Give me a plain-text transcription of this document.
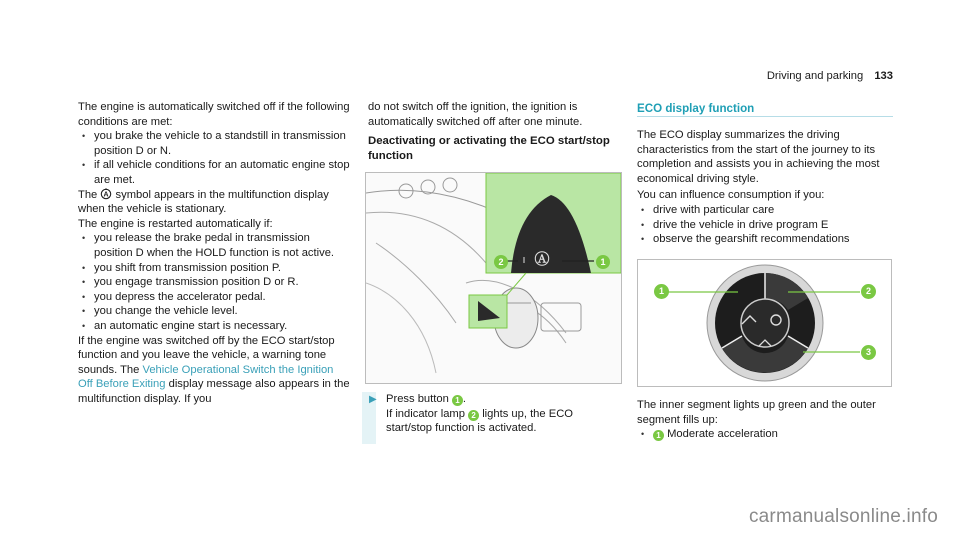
Driving and parking 133

The engine is automatically switched off if the following conditions are met:

• you brake the vehicle to a standstill in transmission position D or N.

• if all vehicle conditions for an automatic engine stop are met.

The A symbol appears in the multifunction display when the vehicle is stationary.

The engine is restarted automatically if:

• you release the brake pedal in transmission position D when the HOLD function is not active.

• you shift from transmission position P.

• you engage transmission position D or R.

• you depress the accelerator pedal.

• you change the vehicle level.

• an automatic engine start is necessary.

If the engine was switched off by the ECO start/stop function and you leave the vehicle, a warning tone sounds. The Vehicle Operational Switch the Ignition Off Before Exiting display message also appears in the multifunction display. If you

do not switch off the ignition, the ignition is automatically switched off after one minute.

Deactivating or activating the ECO start/stop function

Ⓐ
2	1
▶ Press button 1 .
If indicator lamp 2 lights up, the ECO start/stop function is activated.

ECO display function

The ECO display summarizes the driving characteristics from the start of the journey to its completion and assists you in achieving the most economical driving style.

You can influence consumption if you:

• drive with particular care

• drive the vehicle in drive program E

• observe the gearshift recommendations

1	2
3

The inner segment lights up green and the outer segment fills up:

• 1 Moderate acceleration

carmanualsonline.info
